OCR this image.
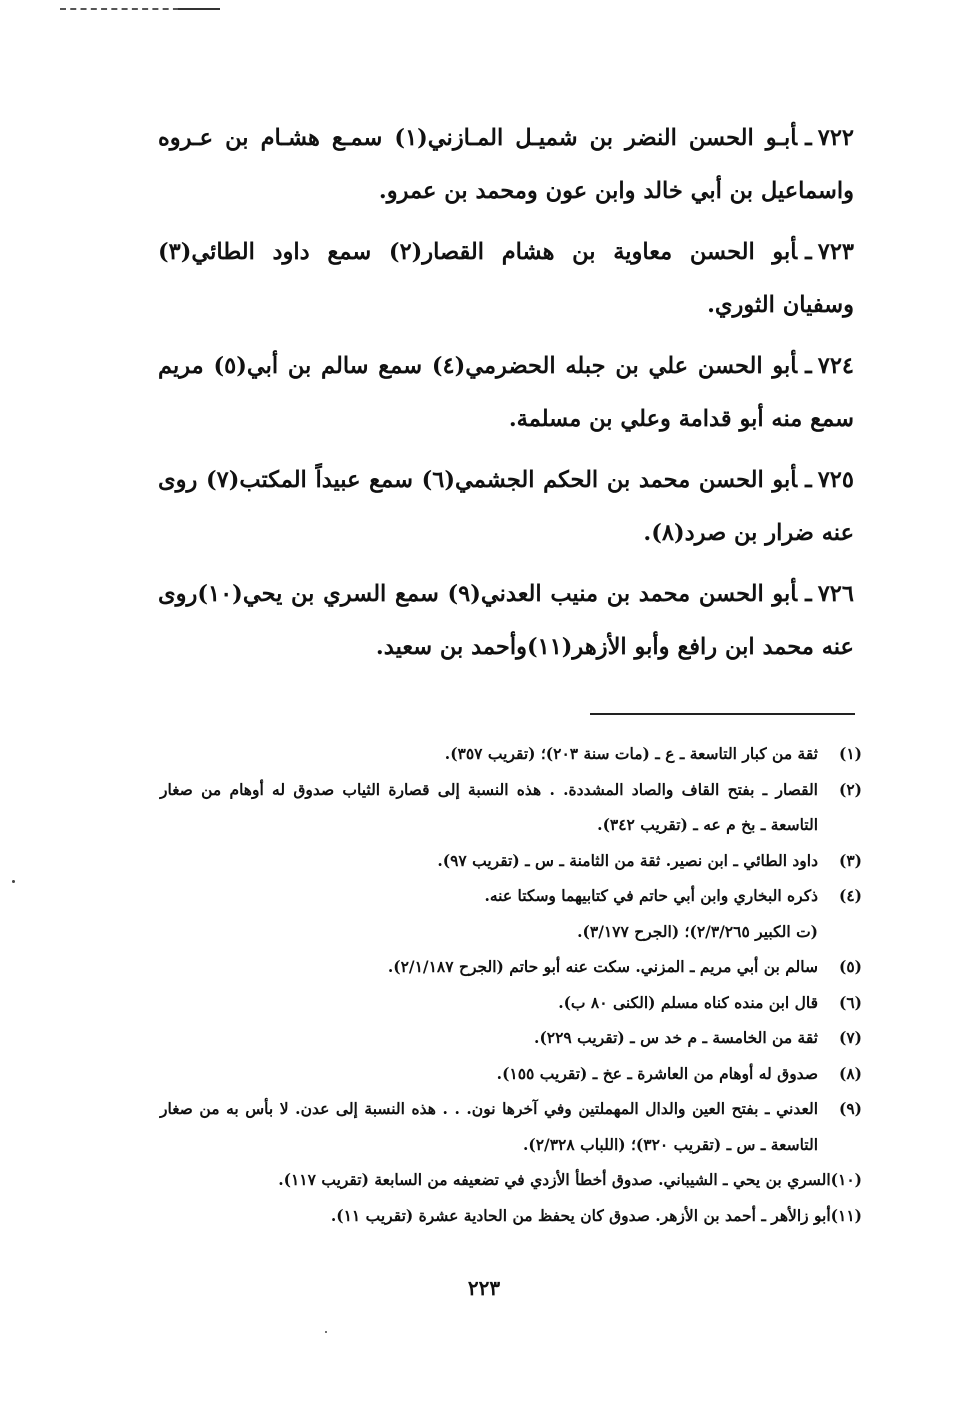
٧٢٢ـأبـو الحسن النضر بن شميـل المـازني(١) سمـع هشـام بن عـروه واسماعيل بن أبي خالد وابن عون ومحمد بن عمرو.
٧٢٣ـأبو الحسن معاوية بن هشام القصار(٢) سمع داود الطائي(٣) وسفيان الثوري.
٧٢٤ـأبو الحسن علي بن جبله الحضرمي(٤) سمع سالم بن أبي(٥) مريم سمع منه أبو قدامة وعلي بن مسلمة.
٧٢٥ـأبو الحسن محمد بن الحكم الجشمي(٦) سمع عبيداً المكتب(٧) روى عنه ضرار بن صرد(٨).
٧٢٦ـأبو الحسن محمد بن منيب العدني(٩) سمع السري بن يحي(١٠)روى عنه محمد ابن رافع وأبو الأزهر(١١)وأحمد بن سعيد.
(١)
ثقة من كبار التاسعة ـ ع ـ (مات سنة ٢٠٣)؛ (تقريب ٣٥٧).
(٢)
القصار ـ بفتح القاف والصاد المشددة. . هذه النسبة إلى قصارة الثياب صدوق له أوهام من صغار التاسعة ـ بخ م عه ـ (تقريب ٣٤٢).
(٣)
داود الطائي ـ ابن نصير. ثقة من الثامنة ـ س ـ (تقريب ٩٧).
(٤)
ذكره البخاري وابن أبي حاتم في كتابيهما وسكتا عنه.
(ت الكبير ٢/٣/٢٦٥)؛ (الجرح ٣/١٧٧).
(٥)
سالم بن أبي مريم ـ المزني. سكت عنه أبو حاتم (الجرح ٢/١/١٨٧).
(٦)
قال ابن منده كناه مسلم (الكنى ٨٠ ب).
(٧)
ثقة من الخامسة ـ م خد س ـ (تقريب ٢٢٩).
(٨)
صدوق له أوهام من العاشرة ـ عخ ـ (تقريب ١٥٥).
(٩)
العدني ـ بفتح العين والدال المهملتين وفي آخرها نون. . . هذه النسبة إلى عدن. لا بأس به من صغار التاسعة ـ س ـ (تقريب ٣٢٠)؛ (اللباب ٢/٣٢٨).
(١٠)
السري بن يحي ـ الشيباني. صدوق أخطأ الأزدي في تضعيفه من السابعة (تقريب ١١٧).
(١١)
أبو زالأهر ـ أحمد بن الأزهر. صدوق كان يحفظ من الحادية عشرة (تقريب ١١).
٢٢٣
